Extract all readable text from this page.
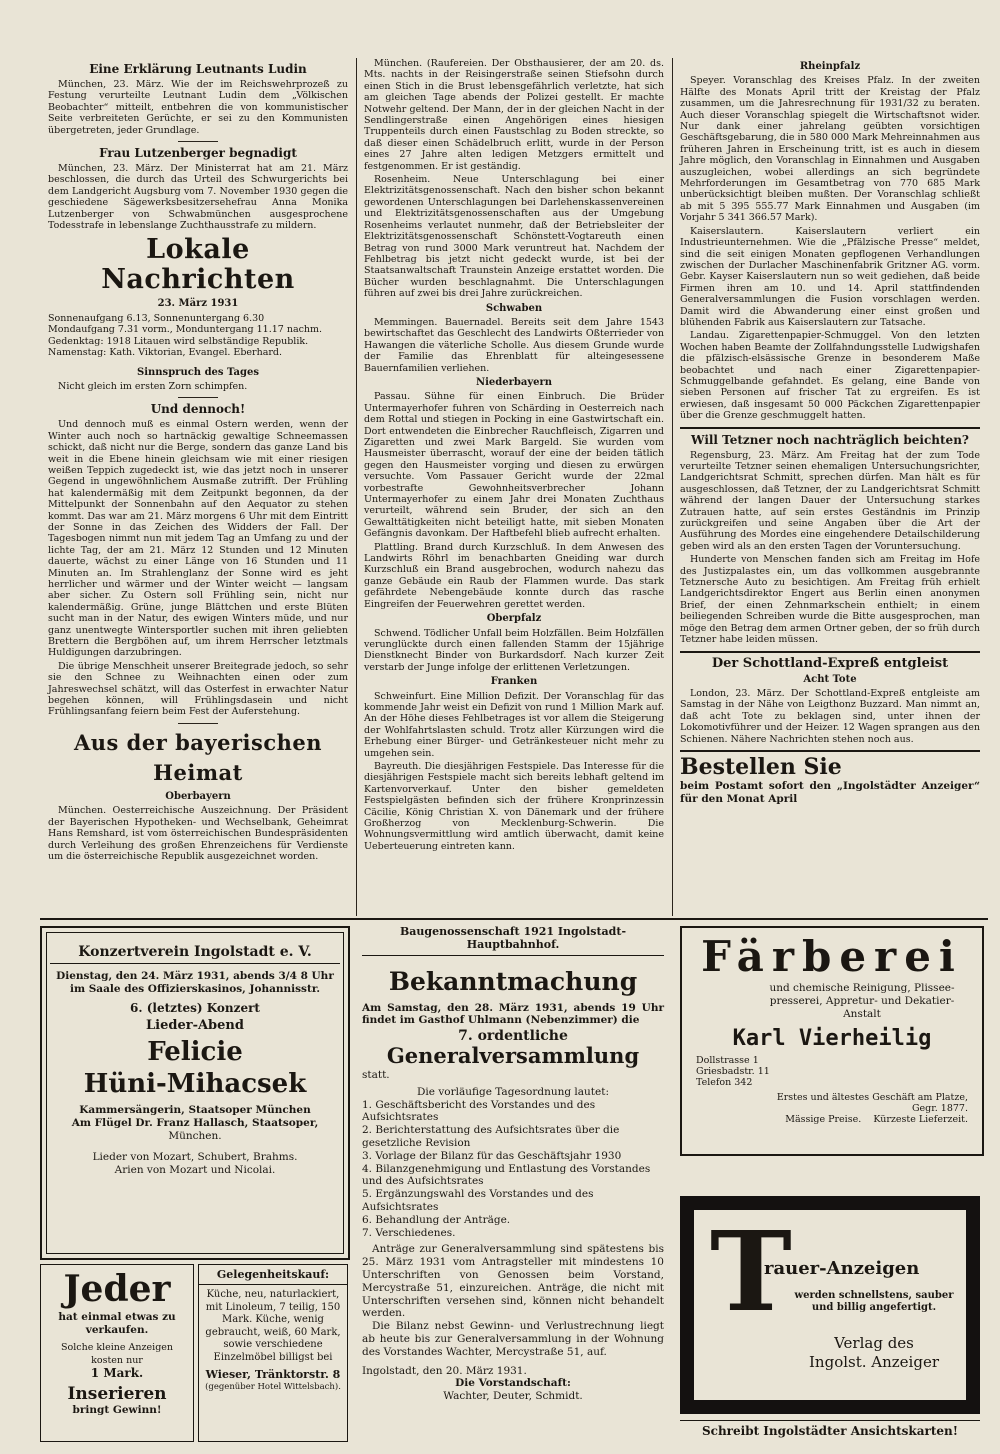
Eine Erklärung Leutnants Ludin

München, 23. März. Wie der im Reichswehrprozeß zu Festung verurteilte Leutnant Ludin dem „Völkischen Beobachter“ mitteilt, entbehren die von kommunistischer Seite verbreiteten Gerüchte, er sei zu den Kommunisten übergetreten, jeder Grundlage.

Frau Lutzenberger begnadigt

München, 23. März. Der Ministerrat hat am 21. März beschlossen, die durch das Urteil des Schwurgerichts bei dem Landgericht Augsburg vom 7. November 1930 gegen die geschiedene Sägewerksbesitzersehefrau Anna Monika Lutzenberger von Schwabmünchen ausgesprochene Todesstrafe in lebenslange Zuchthausstrafe zu mildern.

Lokale Nachrichten
23. März 1931

Sonnenaufgang 6.13, Sonnenuntergang 6.30

Mondaufgang 7.31 vorm., Monduntergang 11.17 nachm.

Gedenktag: 1918 Litauen wird selbständige Republik.

Namenstag: Kath. Viktorian, Evangel. Eberhard.

Sinnspruch des Tages

Nicht gleich im ersten Zorn schimpfen.

Und dennoch!

Und dennoch muß es einmal Ostern werden, wenn der Winter auch noch so hartnäckig gewaltige Schneemassen schickt, daß nicht nur die Berge, sondern das ganze Land bis weit in die Ebene hinein gleichsam wie mit einer riesigen weißen Teppich zugedeckt ist, wie das jetzt noch in unserer Gegend in ungewöhnlichem Ausmaße zutrifft. Der Frühling hat kalendermäßig mit dem Zeitpunkt begonnen, da der Mittelpunkt der Sonnenbahn auf den Aequator zu stehen kommt. Das war am 21. März morgens 6 Uhr mit dem Eintritt der Sonne in das Zeichen des Widders der Fall. Der Tagesbogen nimmt nun mit jedem Tag an Umfang zu und der lichte Tag, der am 21. März 12 Stunden und 12 Minuten dauerte, wächst zu einer Länge von 16 Stunden und 11 Minuten an. Im Strahlenglanz der Sonne wird es jeht herrlicher und wärmer und der Winter weicht — langsam aber sicher. Zu Ostern soll Frühling sein, nicht nur kalendermäßig. Grüne, junge Blättchen und erste Blüten sucht man in der Natur, des ewigen Winters müde, und nur ganz unentwegte Wintersportler suchen mit ihren geliebten Brettern die Bergböhen auf, um ihrem Herrscher letztmals Huldigungen darzubringen.

Die übrige Menschheit unserer Breitegrade jedoch, so sehr sie den Schnee zu Weihnachten einen oder zum Jahreswechsel schätzt, will das Osterfest in erwachter Natur begehen können, will Frühlingsdasein und nicht Frühlingsanfang feiern beim Fest der Auferstehung.

Aus der bayerischen Heimat
Oberbayern

München. Oesterreichische Auszeichnung. Der Präsident der Bayerischen Hypotheken- und Wechselbank, Geheimrat Hans Remshard, ist vom österreichischen Bundespräsidenten durch Verleihung des großen Ehrenzeichens für Verdienste um die österreichische Republik ausgezeichnet worden.

München. (Raufereien. Der Obsthausierer, der am 20. ds. Mts. nachts in der Reisingerstraße seinen Stiefsohn durch einen Stich in die Brust lebensgefährlich verletzte, hat sich am gleichen Tage abends der Polizei gestellt. Er machte Notwehr geltend. Der Mann, der in der gleichen Nacht in der Sendlingerstraße einen Angehörigen eines hiesigen Truppenteils durch einen Faustschlag zu Boden streckte, so daß dieser einen Schädelbruch erlitt, wurde in der Person eines 27 Jahre alten ledigen Metzgers ermittelt und festgenommen. Er ist geständig.

Rosenheim. Neue Unterschlagung bei einer Elektrizitätsgenossenschaft. Nach den bisher schon bekannt gewordenen Unterschlagungen bei Darlehenskassenvereinen und Elektrizitätsgenossenschaften aus der Umgebung Rosenheims verlautet nunmehr, daß der Betriebsleiter der Elektrizitätsgenossenschaft Schönstett-Vogtareuth einen Betrag von rund 3000 Mark veruntreut hat. Nachdem der Fehlbetrag bis jetzt nicht gedeckt wurde, ist bei der Staatsanwaltschaft Traunstein Anzeige erstattet worden. Die Bücher wurden beschlagnahmt. Die Unterschlagungen führen auf zwei bis drei Jahre zurückreichen.

Schwaben

Memmingen. Bauernadel. Bereits seit dem Jahre 1543 bewirtschaftet das Geschlecht des Landwirts Oßterrieder von Hawangen die väterliche Scholle. Aus diesem Grunde wurde der Familie das Ehrenblatt für alteingesessene Bauernfamilien verliehen.

Niederbayern

Passau. Sühne für einen Einbruch. Die Brüder Untermayerhofer fuhren von Schärding in Oesterreich nach dem Rottal und stiegen in Pocking in eine Gastwirtschaft ein. Dort entwendeten die Einbrecher Rauchfleisch, Zigarren und Zigaretten und zwei Mark Bargeld. Sie wurden vom Hausmeister überrascht, worauf der eine der beiden tätlich gegen den Hausmeister vorging und diesen zu erwürgen versuchte. Vom Passauer Gericht wurde der 22mal vorbestrafte Gewohnheitsverbrecher Johann Untermayerhofer zu einem Jahr drei Monaten Zuchthaus verurteilt, während sein Bruder, der sich an den Gewalttätigkeiten nicht beteiligt hatte, mit sieben Monaten Gefängnis davonkam. Der Haftbefehl blieb aufrecht erhalten.

Plattling. Brand durch Kurzschluß. In dem Anwesen des Landwirts Röhrl im benachbarten Gneiding war durch Kurzschluß ein Brand ausgebrochen, wodurch nahezu das ganze Gebäude ein Raub der Flammen wurde. Das stark gefährdete Nebengebäude konnte durch das rasche Eingreifen der Feuerwehren gerettet werden.

Oberpfalz

Schwend. Tödlicher Unfall beim Holzfällen. Beim Holzfällen verunglückte durch einen fallenden Stamm der 15jährige Dienstknecht Binder von Burkardsdorf. Nach kurzer Zeit verstarb der Junge infolge der erlittenen Verletzungen.

Franken

Schweinfurt. Eine Million Defizit. Der Voranschlag für das kommende Jahr weist ein Defizit von rund 1 Million Mark auf. An der Höhe dieses Fehlbetrages ist vor allem die Steigerung der Wohlfahrtslasten schuld. Trotz aller Kürzungen wird die Erhebung einer Bürger- und Getränkesteuer nicht mehr zu umgehen sein.

Bayreuth. Die diesjährigen Festspiele. Das Interesse für die diesjährigen Festspiele macht sich bereits lebhaft geltend im Kartenvorverkauf. Unter den bisher gemeldeten Festspielgästen befinden sich der frühere Kronprinzessin Cäcilie, König Christian X. von Dänemark und der frühere Großherzog von Mecklenburg-Schwerin. Die Wohnungsvermittlung wird amtlich überwacht, damit keine Ueberteuerung eintreten kann.

Rheinpfalz

Speyer. Voranschlag des Kreises Pfalz. In der zweiten Hälfte des Monats April tritt der Kreistag der Pfalz zusammen, um die Jahresrechnung für 1931/32 zu beraten. Auch dieser Voranschlag spiegelt die Wirtschaftsnot wider. Nur dank einer jahrelang geübten vorsichtigen Geschäftsgebarung, die in 580 000 Mark Mehreinnahmen aus früheren Jahren in Erscheinung tritt, ist es auch in diesem Jahre möglich, den Voranschlag in Einnahmen und Ausgaben auszugleichen, wobei allerdings an sich begründete Mehrforderungen im Gesamtbetrag von 770 685 Mark unberücksichtigt bleiben mußten. Der Voranschlag schließt ab mit 5 395 555.77 Mark Einnahmen und Ausgaben (im Vorjahr 5 341 366.57 Mark).

Kaiserslautern. Kaiserslautern verliert ein Industrieunternehmen. Wie die „Pfälzische Presse“ meldet, sind die seit einigen Monaten gepflogenen Verhandlungen zwischen der Durlacher Maschinenfabrik Gritzner AG. vorm. Gebr. Kayser Kaiserslautern nun so weit gediehen, daß beide Firmen ihren am 10. und 14. April stattfindenden Generalversammlungen die Fusion vorschlagen werden. Damit wird die Abwanderung einer einst großen und blühenden Fabrik aus Kaiserslautern zur Tatsache.

Landau. Zigarettenpapier-Schmuggel. Von den letzten Wochen haben Beamte der Zollfahndungsstelle Ludwigshafen die pfälzisch-elsässische Grenze in besonderem Maße beobachtet und nach einer Zigarettenpapier-Schmuggelbande gefahndet. Es gelang, eine Bande von sieben Personen auf frischer Tat zu ergreifen. Es ist erwiesen, daß insgesamt 50 000 Päckchen Zigarettenpapier über die Grenze geschmuggelt hatten.

Will Tetzner noch nachträglich beichten?

Regensburg, 23. März. Am Freitag hat der zum Tode verurteilte Tetzner seinen ehemaligen Untersuchungsrichter, Landgerichtsrat Schmitt, sprechen dürfen. Man hält es für ausgeschlossen, daß Tetzner, der zu Landgerichtsrat Schmitt während der langen Dauer der Untersuchung starkes Zutrauen hatte, auf sein erstes Geständnis im Prinzip zurückgreifen und seine Angaben über die Art der Ausführung des Mordes eine eingehendere Detailschilderung geben wird als an den ersten Tagen der Voruntersuchung.

Hunderte von Menschen fanden sich am Freitag im Hofe des Justizpalastes ein, um das vollkommen ausgebrannte Tetznersche Auto zu besichtigen. Am Freitag früh erhielt Landgerichtsdirektor Engert aus Berlin einen anonymen Brief, der einen Zehnmarkschein enthielt; in einem beiliegenden Schreiben wurde die Bitte ausgesprochen, man möge den Betrag dem armen Ortner geben, der so früh durch Tetzner habe leiden müssen.

Der Schottland-Expreß entgleist
Acht Tote

London, 23. März. Der Schottland-Expreß entgleiste am Samstag in der Nähe von Leigthonz Buzzard. Man nimmt an, daß acht Tote zu beklagen sind, unter ihnen der Lokomotivführer und der Heizer. 12 Wagen sprangen aus den Schienen. Nähere Nachrichten stehen noch aus.

Bestellen Sie
beim Postamt sofort den „Ingolstädter Anzeiger“ für den Monat April
Konzertverein Ingolstadt e. V.
Dienstag, den 24. März 1931, abends 3/4 8 Uhr
im Saale des Offizierskasinos, Johannisstr.
6. (letztes) Konzert
Lieder-Abend
Felicie
Hüni-Mihacsek
Kammersängerin, Staatsoper München
Am Flügel Dr. Franz Hallasch, Staatsoper,
München.
Lieder von Mozart, Schubert, Brahms.
Arien von Mozart und Nicolai.
Jeder
hat einmal etwas zu
verkaufen.
Solche kleine Anzeigen
kosten nur
1 Mark.
Inserieren
bringt Gewinn!
Gelegenheitskauf:
Küche, neu, naturlackiert, mit Linoleum, 7 teilig, 150 Mark. Küche, wenig gebraucht, weiß, 60 Mark, sowie verschiedene Einzelmöbel billigst bei
Wieser, Tränktorstr. 8
(gegenüber Hotel Wittelsbach).
Baugenossenschaft 1921 Ingolstadt-Hauptbahnhof.
Bekanntmachung
Am Samstag, den 28. März 1931, abends 19 Uhr findet im Gasthof Uhlmann (Nebenzimmer) die
7. ordentliche
Generalversammlung
statt.
Die vorläufige Tagesordnung lautet:
1. Geschäftsbericht des Vorstandes und des Aufsichtsrates
2. Berichterstattung des Aufsichtsrates über die gesetzliche Revision
3. Vorlage der Bilanz für das Geschäftsjahr 1930
4. Bilanzgenehmigung und Entlastung des Vorstandes und des Aufsichtsrates
5. Ergänzungswahl des Vorstandes und des Aufsichtsrates
6. Behandlung der Anträge.
7. Verschiedenes.
Anträge zur Generalversammlung sind spätestens bis 25. März 1931 vom Antragsteller mit mindestens 10 Unterschriften von Genossen beim Vorstand, Mercystraße 51, einzureichen. Anträge, die nicht mit Unterschriften versehen sind, können nicht behandelt werden.
Die Bilanz nebst Gewinn- und Verlustrechnung liegt ab heute bis zur Generalversammlung in der Wohnung des Vorstandes Wachter, Mercystraße 51, auf.
Ingolstadt, den 20. März 1931.
Die Vorstandschaft:
Wachter, Deuter, Schmidt.
Färberei
und chemische Reinigung, Plissee-presserei, Appretur- und Dekatier-Anstalt
Karl Vierheilig
Dollstrasse 1
Griesbadstr. 11
Telefon 342
Erstes und ältestes Geschäft am Platze,
Gegr. 1877.
Mässige Preise. Kürzeste Lieferzeit.
T
rauer-Anzeigen
werden schnellstens, sauber
und billig angefertigt.
Verlag des
Ingolst. Anzeiger
Schreibt Ingolstädter Ansichtskarten!
